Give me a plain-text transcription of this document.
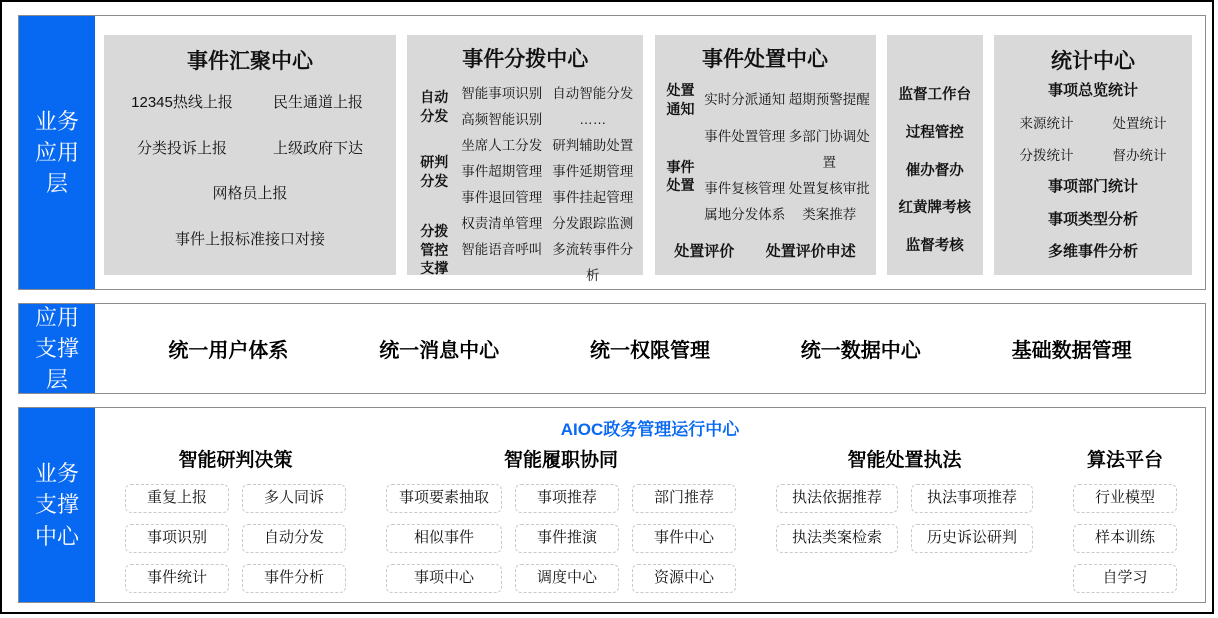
业务应用层
事件汇聚中心
12345热线上报	民生通道上报
分类投诉上报	上级政府下达
网格员上报
事件上报标准接口对接
事件分拨中心
自动分发
智能事项识别 自动智能分发
高频智能识别	……
研判分发
坐席人工分发 研判辅助处置
事件超期管理 事件延期管理
事件退回管理 事件挂起管理
分拨管控支撑
权责清单管理 分发跟踪监测
智能语音呼叫 多流转事件分析
事件处置中心
处置通知
实时分派通知 超期预警提醒
事件处置
事件处置管理 多部门协调处置
事件复核管理 处置复核审批
属地分发体系	类案推荐
处置评价 处置评价申述
监督工作台
过程管控
催办督办
红黄牌考核
监督考核
统计中心
事项总览统计
来源统计	处置统计
分拨统计	督办统计
事项部门统计
事项类型分析
多维事件分析
应用支撑层
统一用户体系	统一消息中心	统一权限管理	统一数据中心	基础数据管理
业务支撑中心
AIOC政务管理运行中心
智能研判决策
重复上报	多人同诉
事项识别	自动分发
事件统计	事件分析
智能履职协同
事项要素抽取	事项推荐	部门推荐
相似事件	事件推演	事件中心
事项中心	调度中心	资源中心
智能处置执法
执法依据推荐	执法事项推荐
执法类案检索	历史诉讼研判
算法平台
行业模型
样本训练
自学习
